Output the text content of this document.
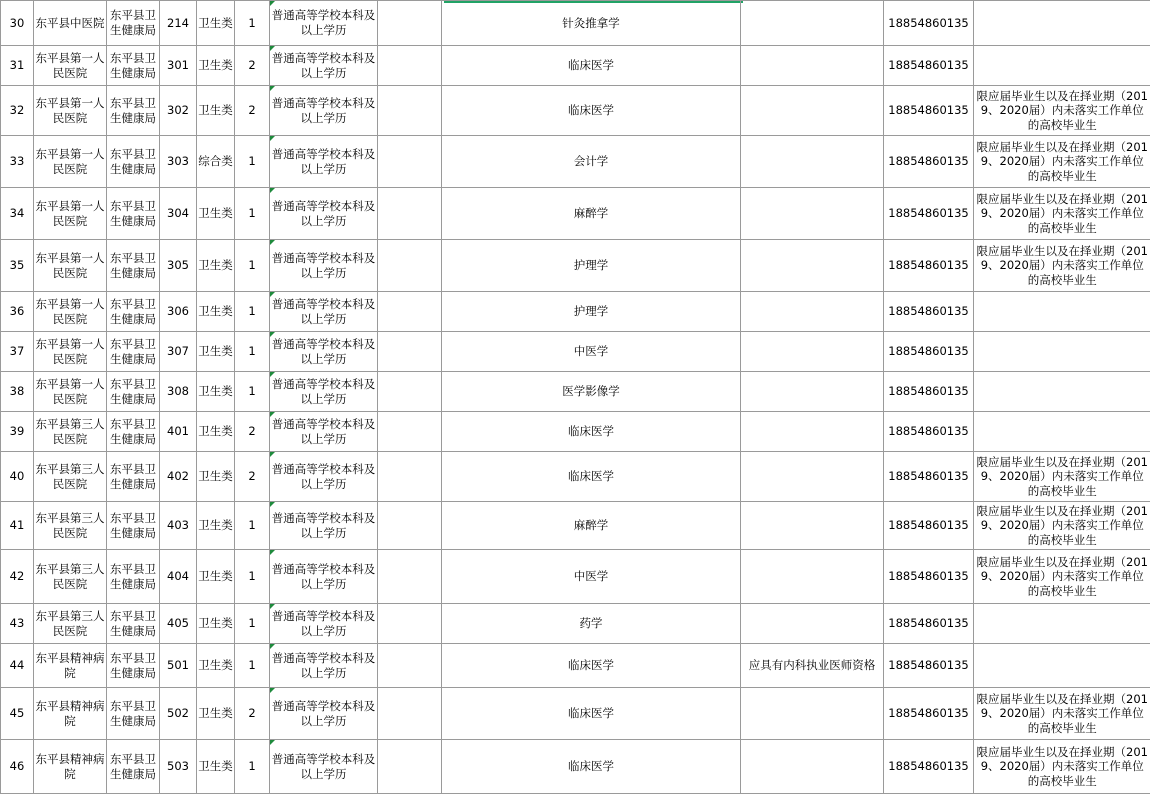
30	东平县中医院	东平县卫生健康局	214	卫生类	1	普通高等学校本科及以上学历		针灸推拿学		18854860135	
31	东平县第一人民医院	东平县卫生健康局	301	卫生类	2	普通高等学校本科及以上学历		临床医学		18854860135	
32	东平县第一人民医院	东平县卫生健康局	302	卫生类	2	普通高等学校本科及以上学历		临床医学		18854860135	限应届毕业生以及在择业期（2019、2020届）内未落实工作单位的高校毕业生
33	东平县第一人民医院	东平县卫生健康局	303	综合类	1	普通高等学校本科及以上学历		会计学		18854860135	限应届毕业生以及在择业期（2019、2020届）内未落实工作单位的高校毕业生
34	东平县第一人民医院	东平县卫生健康局	304	卫生类	1	普通高等学校本科及以上学历		麻醉学		18854860135	限应届毕业生以及在择业期（2019、2020届）内未落实工作单位的高校毕业生
35	东平县第一人民医院	东平县卫生健康局	305	卫生类	1	普通高等学校本科及以上学历		护理学		18854860135	限应届毕业生以及在择业期（2019、2020届）内未落实工作单位的高校毕业生
36	东平县第一人民医院	东平县卫生健康局	306	卫生类	1	普通高等学校本科及以上学历		护理学		18854860135	
37	东平县第一人民医院	东平县卫生健康局	307	卫生类	1	普通高等学校本科及以上学历		中医学		18854860135	
38	东平县第一人民医院	东平县卫生健康局	308	卫生类	1	普通高等学校本科及以上学历		医学影像学		18854860135	
39	东平县第三人民医院	东平县卫生健康局	401	卫生类	2	普通高等学校本科及以上学历		临床医学		18854860135	
40	东平县第三人民医院	东平县卫生健康局	402	卫生类	2	普通高等学校本科及以上学历		临床医学		18854860135	限应届毕业生以及在择业期（2019、2020届）内未落实工作单位的高校毕业生
41	东平县第三人民医院	东平县卫生健康局	403	卫生类	1	普通高等学校本科及以上学历		麻醉学		18854860135	限应届毕业生以及在择业期（2019、2020届）内未落实工作单位的高校毕业生
42	东平县第三人民医院	东平县卫生健康局	404	卫生类	1	普通高等学校本科及以上学历		中医学		18854860135	限应届毕业生以及在择业期（2019、2020届）内未落实工作单位的高校毕业生
43	东平县第三人民医院	东平县卫生健康局	405	卫生类	1	普通高等学校本科及以上学历		药学		18854860135	
44	东平县精神病院	东平县卫生健康局	501	卫生类	1	普通高等学校本科及以上学历		临床医学	应具有内科执业医师资格	18854860135	
45	东平县精神病院	东平县卫生健康局	502	卫生类	2	普通高等学校本科及以上学历		临床医学		18854860135	限应届毕业生以及在择业期（2019、2020届）内未落实工作单位的高校毕业生
46	东平县精神病院	东平县卫生健康局	503	卫生类	1	普通高等学校本科及以上学历		临床医学		18854860135	限应届毕业生以及在择业期（2019、2020届）内未落实工作单位的高校毕业生
